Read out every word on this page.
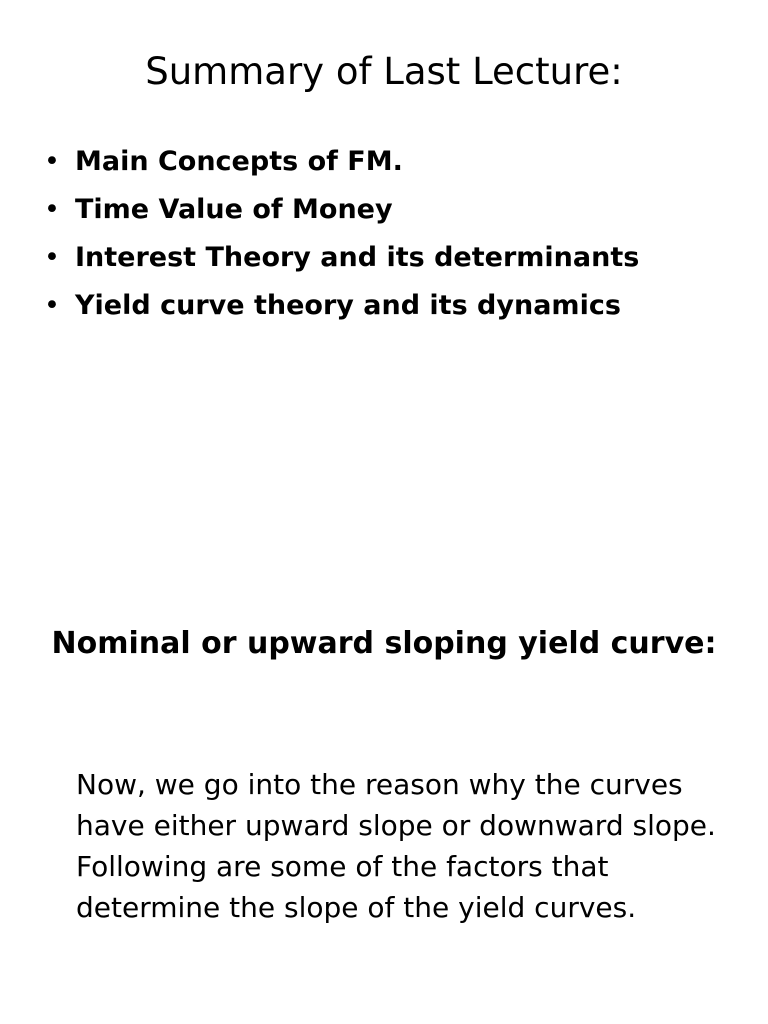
Summary of Last Lecture:
• Main Concepts of FM.
• Time Value of Money
• Interest Theory and its determinants
• Yield curve theory and its dynamics
Nominal or upward sloping yield curve:

Now, we go into the reason why the curves have either upward slope or downward slope. Following are some of the factors that determine the slope of the yield curves.
